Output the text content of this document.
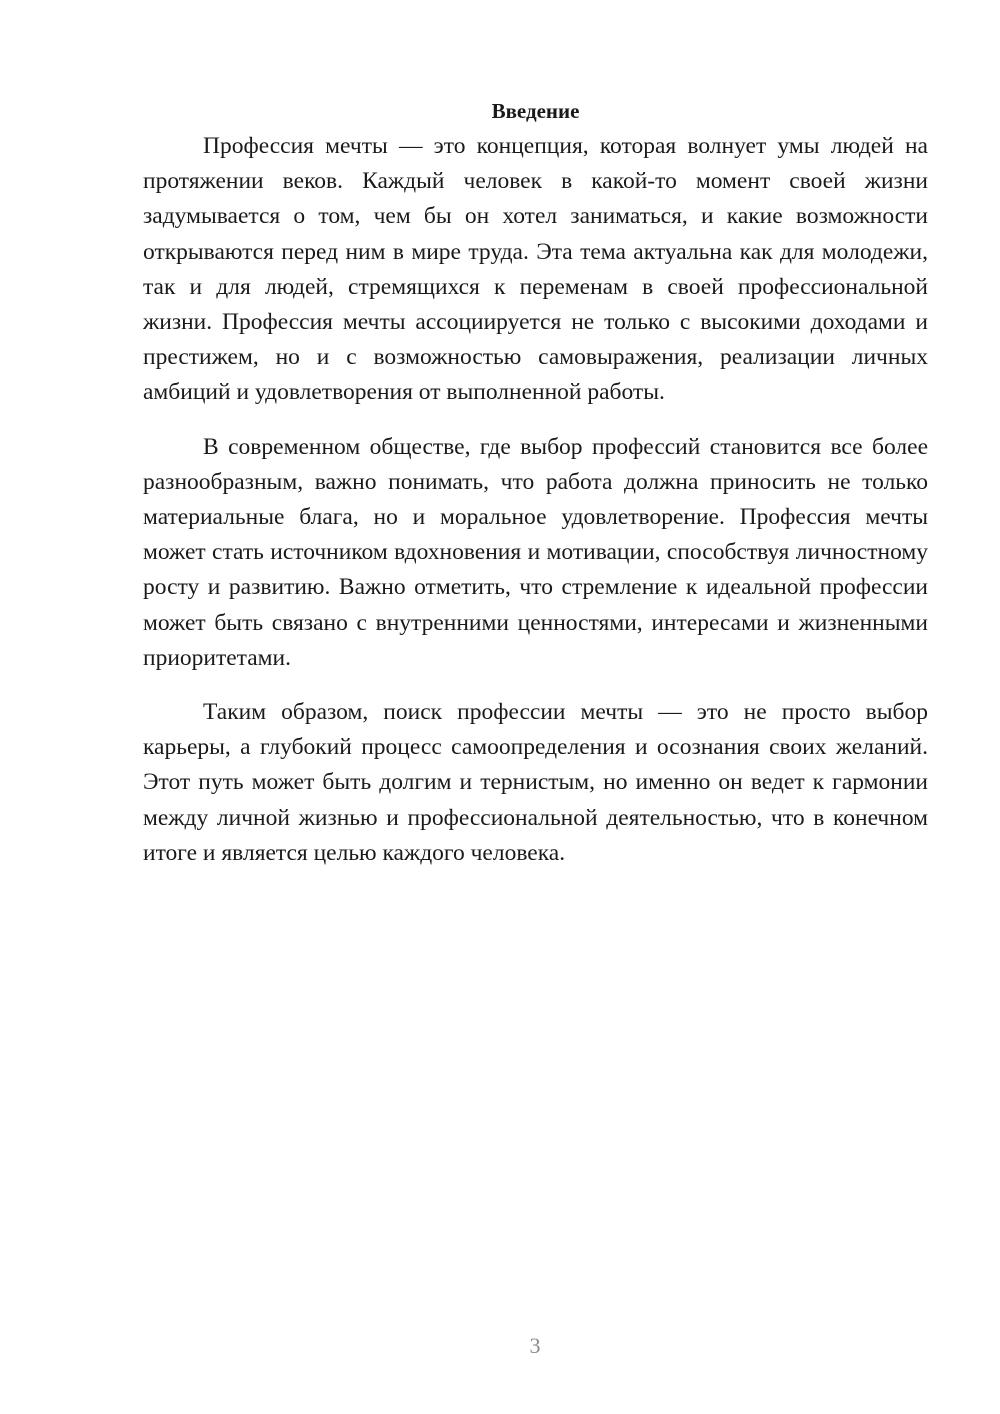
Введение

Профессия мечты — это концепция, которая волнует умы людей на протяжении веков. Каждый человек в какой-то момент своей жизни задумывается о том, чем бы он хотел заниматься, и какие возможности открываются перед ним в мире труда. Эта тема актуальна как для молодежи, так и для людей, стремящихся к переменам в своей профессиональной жизни. Профессия мечты ассоциируется не только с высокими доходами и престижем, но и с возможностью самовыражения, реализации личных амбиций и удовлетворения от выполненной работы.

В современном обществе, где выбор профессий становится все более разнообразным, важно понимать, что работа должна приносить не только материальные блага, но и моральное удовлетворение. Профессия мечты может стать источником вдохновения и мотивации, способствуя личностному росту и развитию. Важно отметить, что стремление к идеальной профессии может быть связано с внутренними ценностями, интересами и жизненными приоритетами.

Таким образом, поиск профессии мечты — это не просто выбор карьеры, а глубокий процесс самоопределения и осознания своих желаний. Этот путь может быть долгим и тернистым, но именно он ведет к гармонии между личной жизнью и профессиональной деятельностью, что в конечном итоге и является целью каждого человека.

3
